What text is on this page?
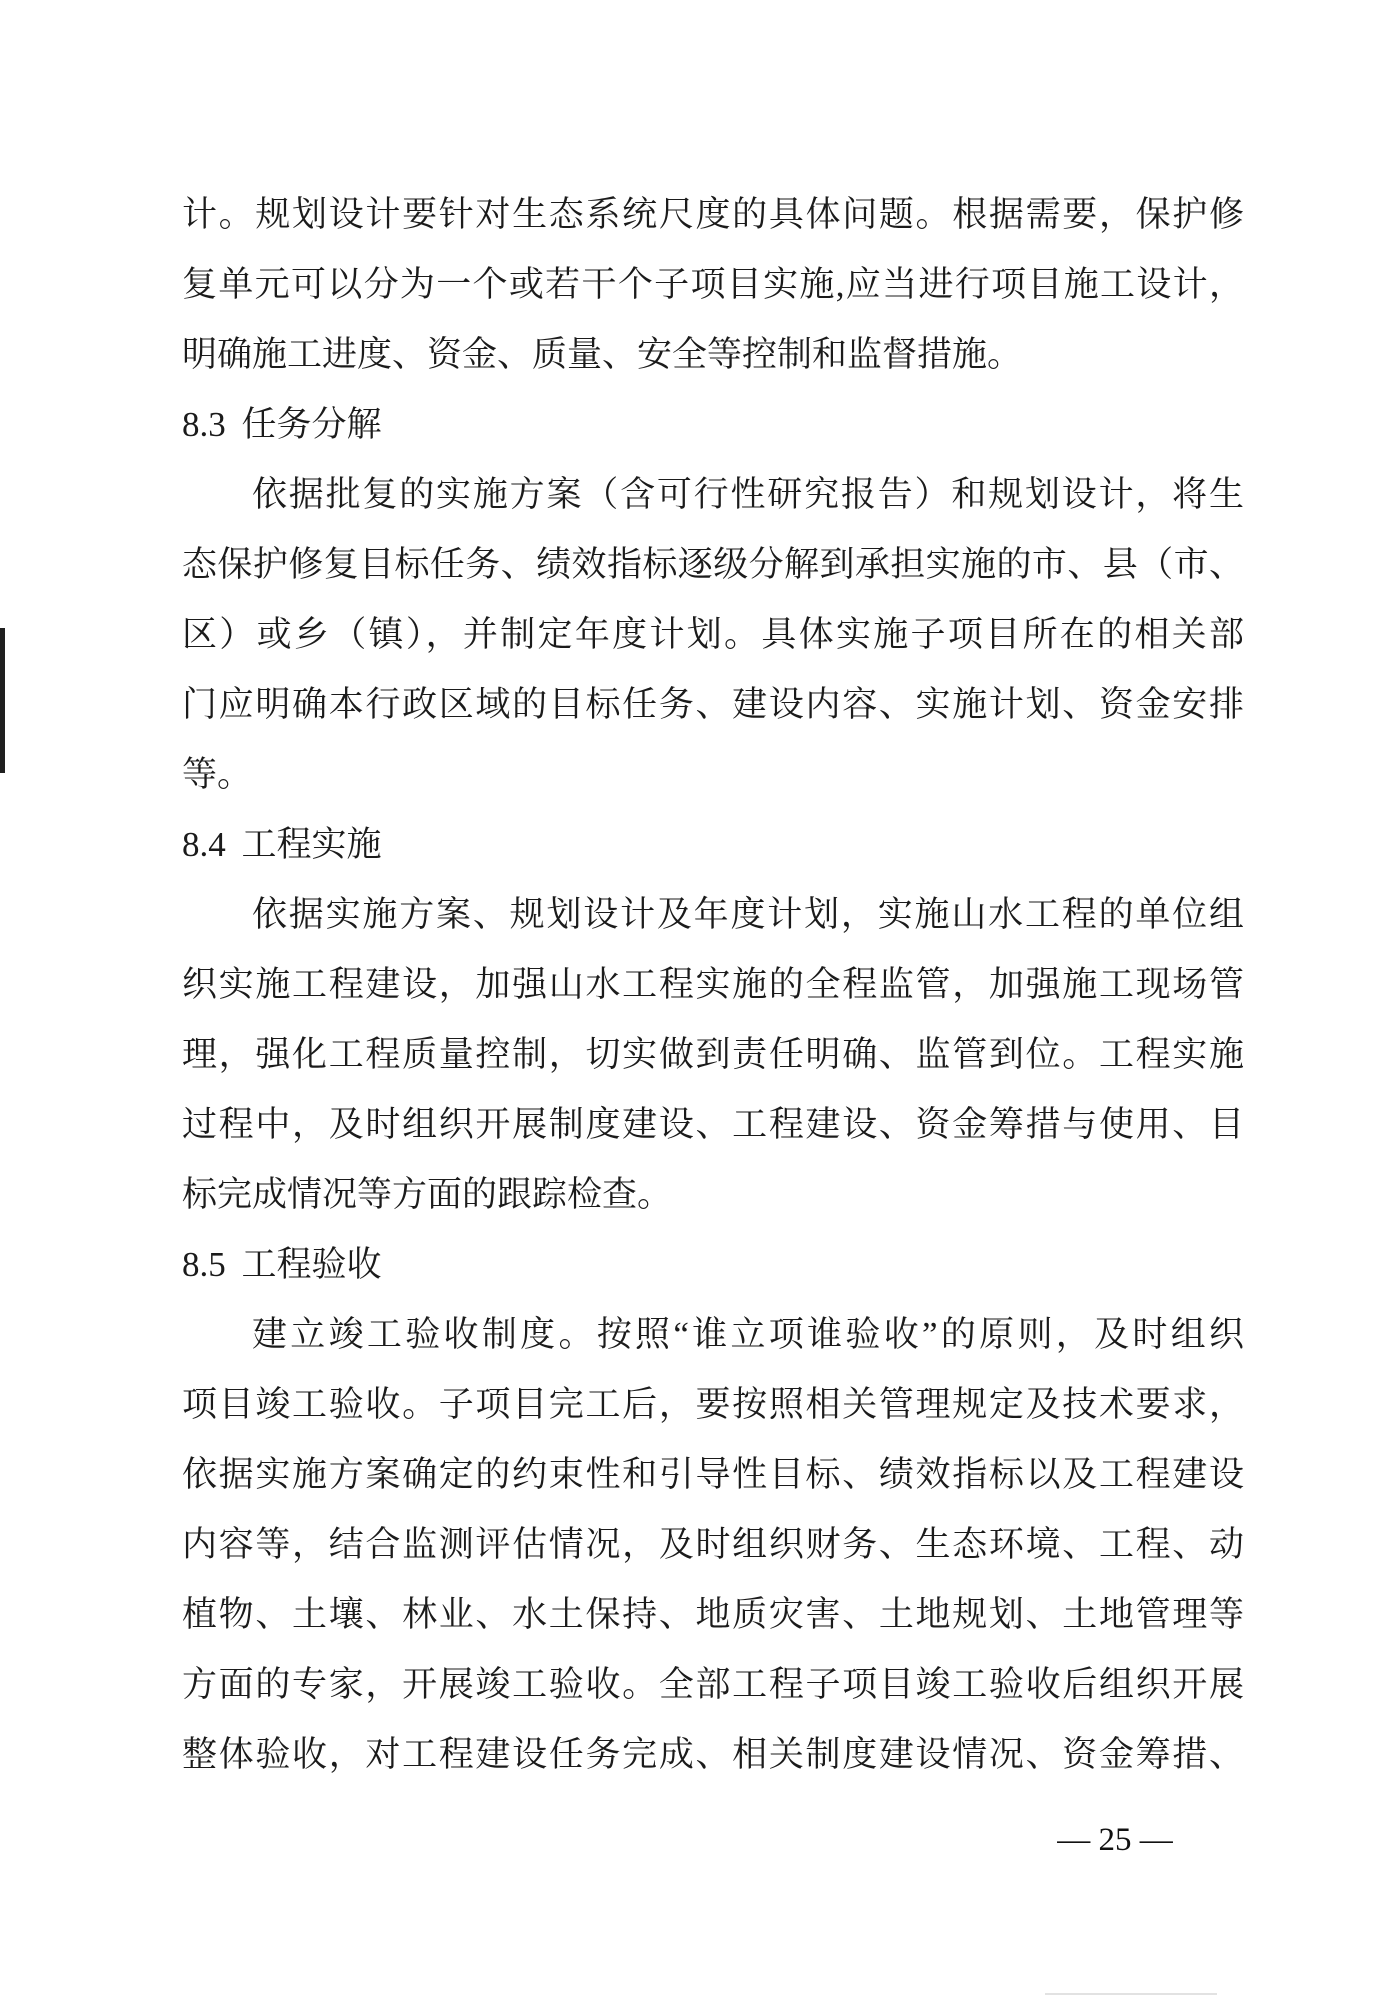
计。规划设计要针对生态系统尺度的具体问题。根据需要，保护修
复单元可以分为一个或若干个子项目实施,应当进行项目施工设计，
明确施工进度、资金、质量、安全等控制和监督措施。
8.3 任务分解
依据批复的实施方案（含可行性研究报告）和规划设计，将生
态保护修复目标任务、绩效指标逐级分解到承担实施的市、县（市、
区）或乡（镇），并制定年度计划。具体实施子项目所在的相关部
门应明确本行政区域的目标任务、建设内容、实施计划、资金安排
等。
8.4 工程实施
依据实施方案、规划设计及年度计划，实施山水工程的单位组
织实施工程建设，加强山水工程实施的全程监管，加强施工现场管
理，强化工程质量控制，切实做到责任明确、监管到位。工程实施
过程中，及时组织开展制度建设、工程建设、资金筹措与使用、目
标完成情况等方面的跟踪检查。
8.5 工程验收
建立竣工验收制度。按照“谁立项谁验收”的原则，及时组织
项目竣工验收。子项目完工后，要按照相关管理规定及技术要求，
依据实施方案确定的约束性和引导性目标、绩效指标以及工程建设
内容等，结合监测评估情况，及时组织财务、生态环境、工程、动
植物、土壤、林业、水土保持、地质灾害、土地规划、土地管理等
方面的专家，开展竣工验收。全部工程子项目竣工验收后组织开展
整体验收，对工程建设任务完成、相关制度建设情况、资金筹措、
— 25 —
